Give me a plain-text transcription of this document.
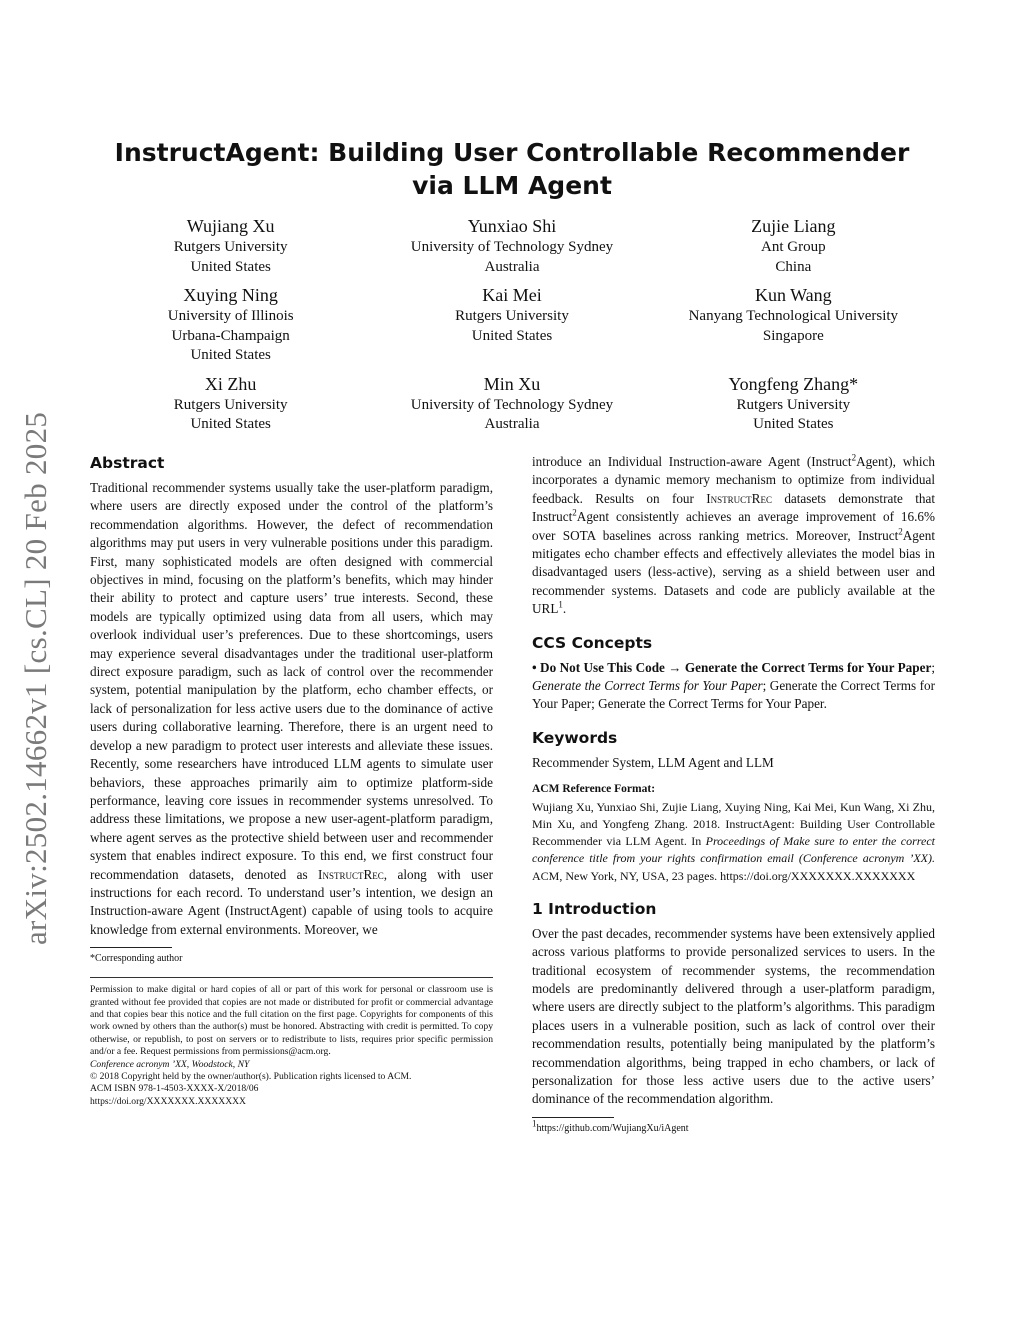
arXiv:2502.14662v1 [cs.CL] 20 Feb 2025
InstructAgent: Building User Controllable Recommender via LLM Agent
Wujiang Xu
Rutgers University
United States
Yunxiao Shi
University of Technology Sydney
Australia
Zujie Liang
Ant Group
China
Xuying Ning
University of Illinois
Urbana-Champaign
United States
Kai Mei
Rutgers University
United States
Kun Wang
Nanyang Technological University
Singapore
Xi Zhu
Rutgers University
United States
Min Xu
University of Technology Sydney
Australia
Yongfeng Zhang*
Rutgers University
United States
Abstract

Traditional recommender systems usually take the user-platform paradigm, where users are directly exposed under the control of the platform’s recommendation algorithms. However, the defect of recommendation algorithms may put users in very vulnerable positions under this paradigm. First, many sophisticated models are often designed with commercial objectives in mind, focusing on the platform’s benefits, which may hinder their ability to protect and capture users’ true interests. Second, these models are typically optimized using data from all users, which may overlook individual user’s preferences. Due to these shortcomings, users may experience several disadvantages under the traditional user-platform direct exposure paradigm, such as lack of control over the recommender system, potential manipulation by the platform, echo chamber effects, or lack of personalization for less active users due to the dominance of active users during collaborative learning. Therefore, there is an urgent need to develop a new paradigm to protect user interests and alleviate these issues. Recently, some researchers have introduced LLM agents to simulate user behaviors, these approaches primarily aim to optimize platform-side performance, leaving core issues in recommender systems unresolved. To address these limitations, we propose a new user-agent-platform paradigm, where agent serves as the protective shield between user and recommender system that enables indirect exposure. To this end, we first construct four recommendation datasets, denoted as InstructRec, along with user instructions for each record. To understand user’s intention, we design an Instruction-aware Agent (InstructAgent) capable of using tools to acquire knowledge from external environments. Moreover, we

*Corresponding author
Permission to make digital or hard copies of all or part of this work for personal or classroom use is granted without fee provided that copies are not made or distributed for profit or commercial advantage and that copies bear this notice and the full citation on the first page. Copyrights for components of this work owned by others than the author(s) must be honored. Abstracting with credit is permitted. To copy otherwise, or republish, to post on servers or to redistribute to lists, requires prior specific permission and/or a fee. Request permissions from permissions@acm.org.
Conference acronym ’XX, Woodstock, NY
© 2018 Copyright held by the owner/author(s). Publication rights licensed to ACM.
ACM ISBN 978-1-4503-XXXX-X/2018/06
https://doi.org/XXXXXXX.XXXXXXX

introduce an Individual Instruction-aware Agent (Instruct$^2$Agent), which incorporates a dynamic memory mechanism to optimize from individual feedback. Results on four InstructRec datasets demonstrate that Instruct$^2$Agent consistently achieves an average improvement of 16.6% over SOTA baselines across ranking metrics. Moreover, Instruct$^2$Agent mitigates echo chamber effects and effectively alleviates the model bias in disadvantaged users (less-active), serving as a shield between user and recommender systems. Datasets and code are publicly available at the URL$^1$.

CCS Concepts

• Do Not Use This Code → Generate the Correct Terms for Your Paper; Generate the Correct Terms for Your Paper; Generate the Correct Terms for Your Paper; Generate the Correct Terms for Your Paper.

Keywords

Recommender System, LLM Agent and LLM

ACM Reference Format:

Wujiang Xu, Yunxiao Shi, Zujie Liang, Xuying Ning, Kai Mei, Kun Wang, Xi Zhu, Min Xu, and Yongfeng Zhang. 2018. InstructAgent: Building User Controllable Recommender via LLM Agent. In Proceedings of Make sure to enter the correct conference title from your rights confirmation email (Conference acronym ’XX). ACM, New York, NY, USA, 23 pages. https://doi.org/XXXXXXX.XXXXXXX

1 Introduction

Over the past decades, recommender systems have been extensively applied across various platforms to provide personalized services to users. In the traditional ecosystem of recommender systems, the recommendation models are predominantly delivered through a user-platform paradigm, where users are directly subject to the platform’s algorithms. This paradigm places users in a vulnerable position, such as lack of control over their recommendation results, potentially being manipulated by the platform’s recommendation algorithms, being trapped in echo chambers, or lack of personalization for those less active users due to the active users’ dominance of the recommendation algorithm.

$^1$https://github.com/WujiangXu/iAgent
